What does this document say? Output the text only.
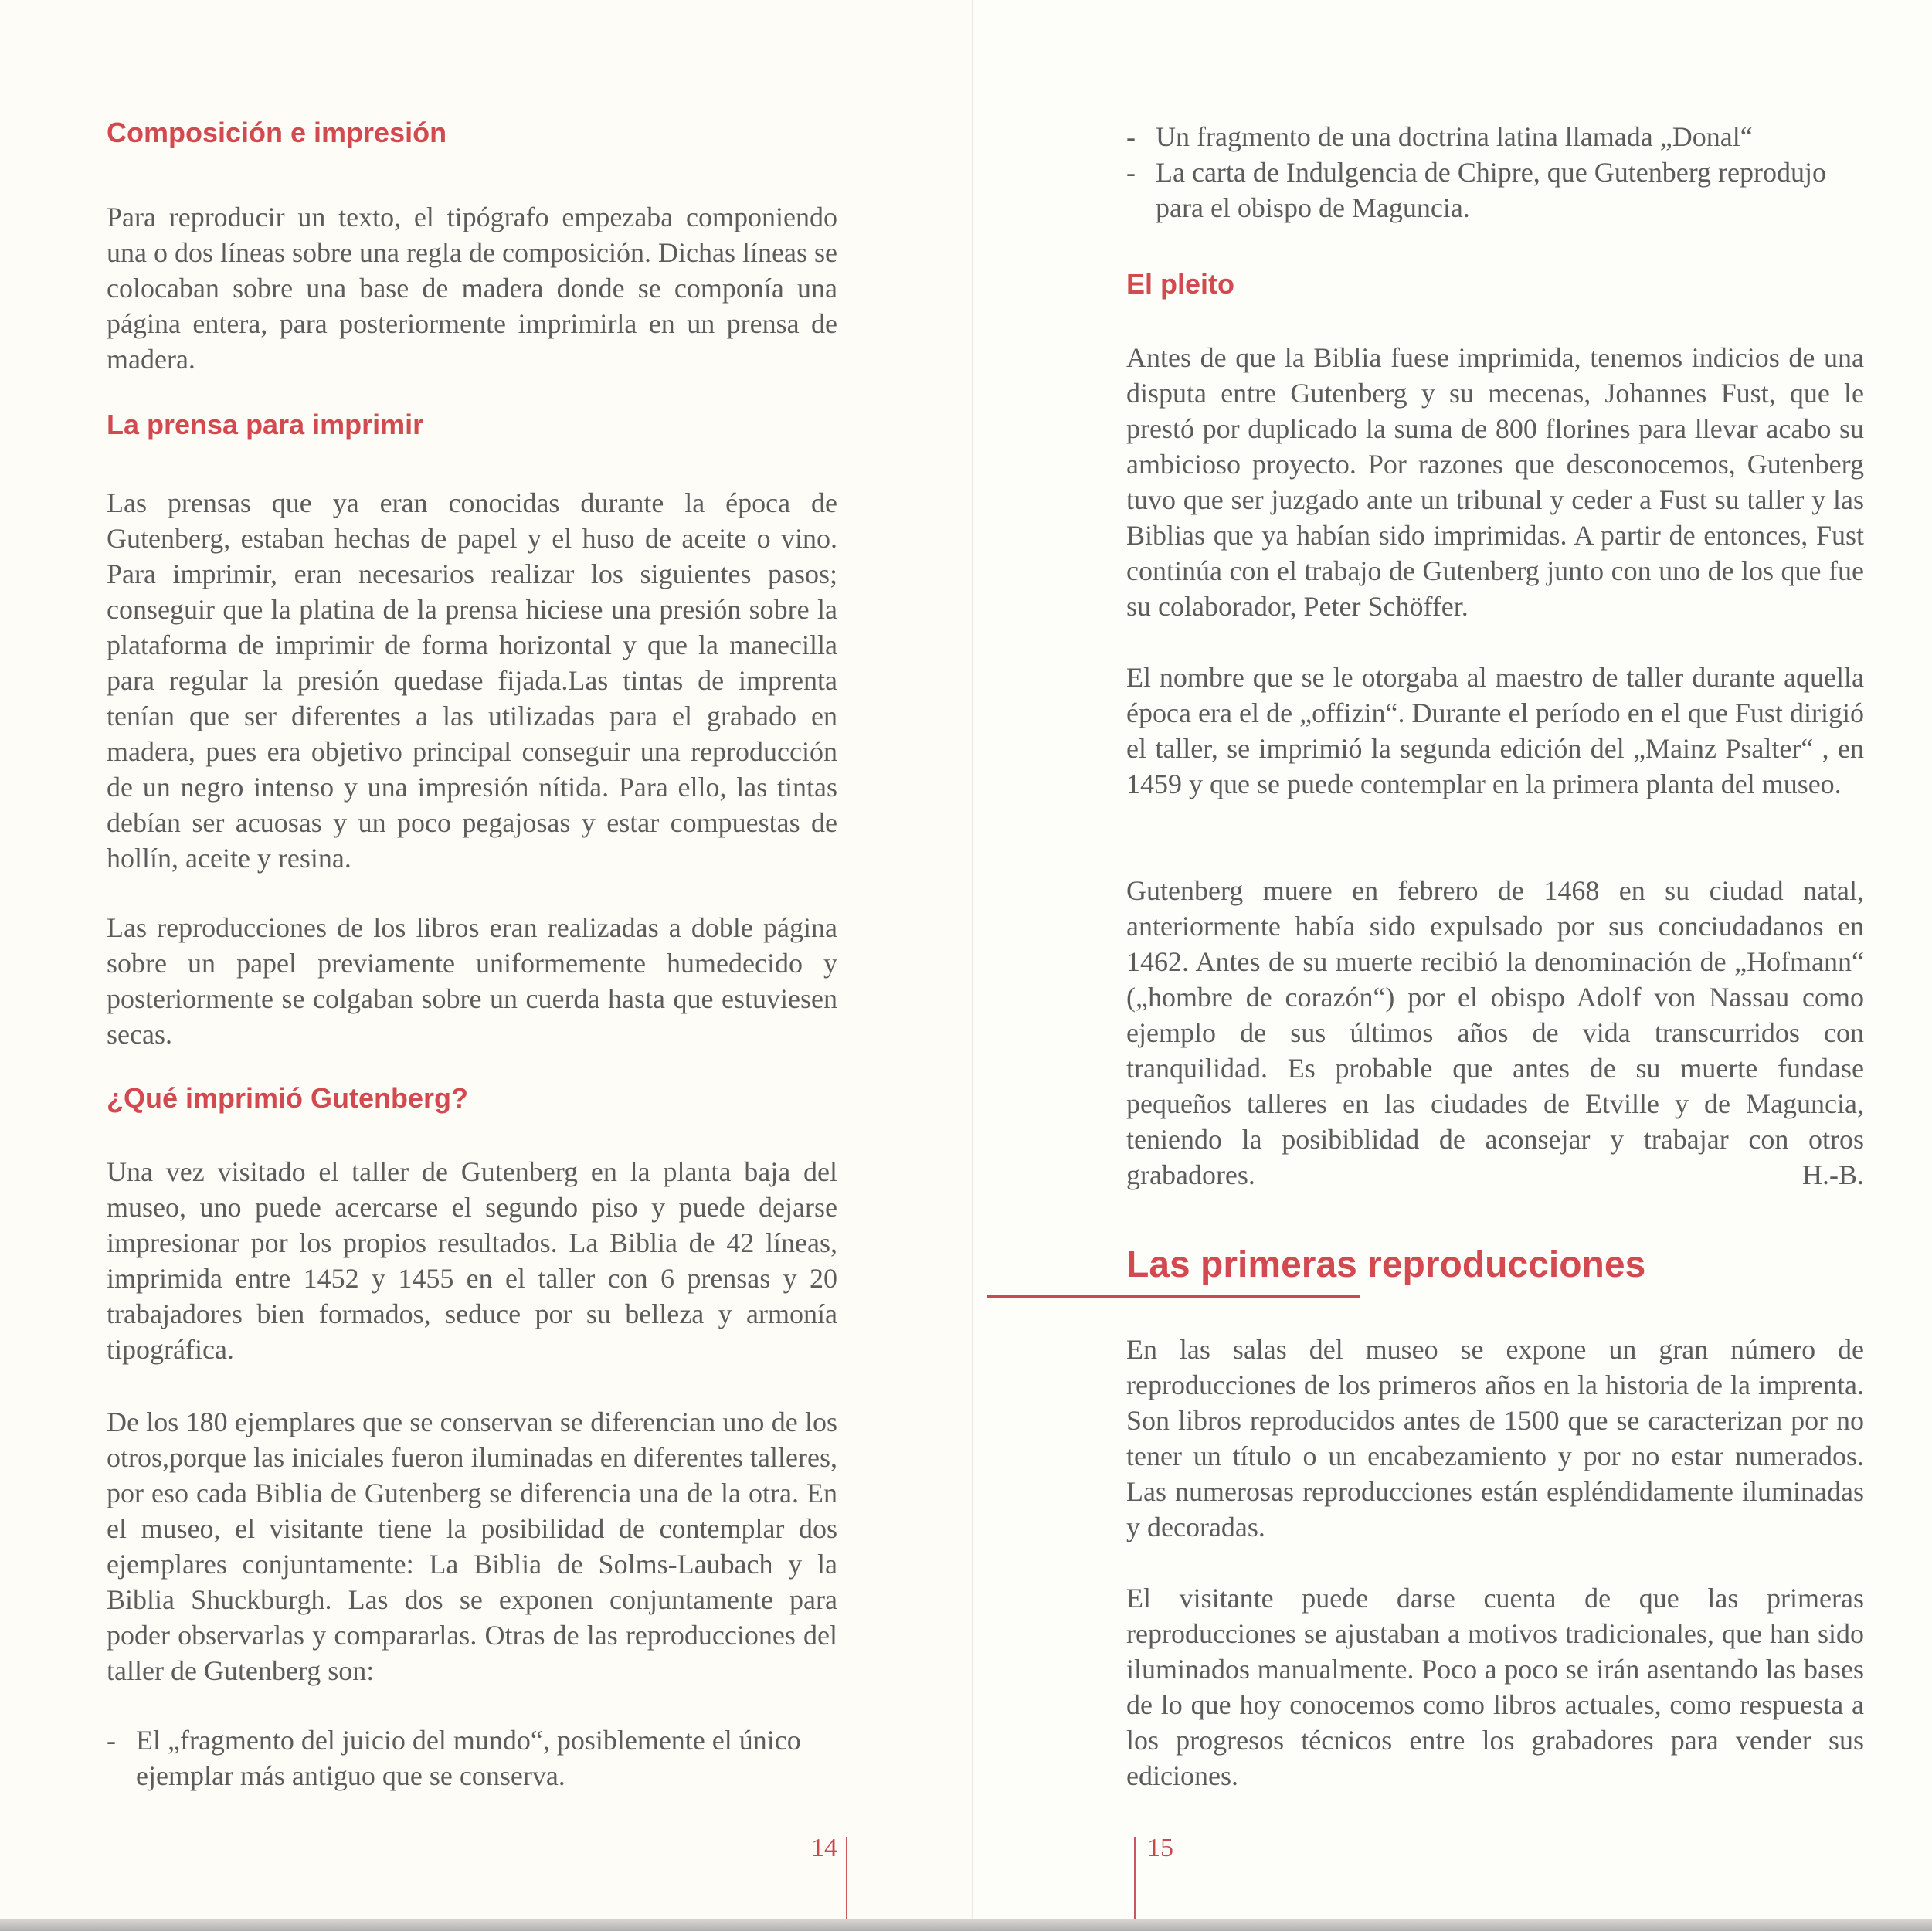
Composición e impresión

Para reproducir un texto, el tipógrafo empezaba componiendo una o dos líneas sobre una regla de composición. Dichas líneas se colocaban sobre una base de madera donde se componía una página entera, para posteriormente imprimirla en un prensa de madera.

La prensa para imprimir

Las prensas que ya eran conocidas durante la época de Gutenberg, estaban hechas de papel y el huso de aceite o vino. Para imprimir, eran necesarios realizar los siguientes pasos; conseguir que la platina de la prensa hiciese una presión sobre la plataforma de imprimir de forma horizontal y que la manecilla para regular la presión quedase fijada.Las tintas de imprenta tenían que ser diferentes a las utilizadas para el grabado en madera, pues era objetivo principal conseguir una reproducción de un negro intenso y una impresión nítida. Para ello, las tintas debían ser acuosas y un poco pegajosas y estar compuestas de hollín, aceite y resina.

Las reproducciones de los libros eran realizadas a doble página sobre un papel previamente uniformemente humedecido y posteriormente se colgaban sobre un cuerda hasta que estuviesen secas.

¿Qué imprimió Gutenberg?

Una vez visitado el taller de Gutenberg en la planta baja del museo, uno puede acercarse el segundo piso y puede dejarse impresionar por los propios resultados. La Biblia de 42 líneas, imprimida entre 1452 y 1455 en el taller con 6 prensas y 20 trabajadores bien formados, seduce por su belleza y armonía tipográfica.

De los 180 ejemplares que se conservan se diferencian uno de los otros,porque las iniciales fueron iluminadas en diferentes talleres, por eso cada Biblia de Gutenberg se diferencia una de la otra. En el museo, el visitante tiene la posibilidad de contemplar dos ejemplares conjuntamente: La Biblia de Solms-Laubach y la Biblia Shuckburgh. Las dos se exponen conjuntamente para poder observarlas y compararlas. Otras de las reproducciones del taller de Gutenberg son:

- El „fragmento del juicio del mundo“, posiblemente el único ejemplar más antiguo que se conserva.
14	15
- Un fragmento de una doctrina latina llamada „Donal“
- La carta de Indulgencia de Chipre, que Gutenberg reprodujo para el obispo de Maguncia.
El pleito

Antes de que la Biblia fuese imprimida, tenemos indicios de una disputa entre Gutenberg y su mecenas, Johannes Fust, que le prestó por duplicado la suma de 800 florines para llevar acabo su ambicioso proyecto. Por razones que desconocemos, Gutenberg tuvo que ser juzgado ante un tribunal y ceder a Fust su taller y las Biblias que ya habían sido imprimidas. A partir de entonces, Fust continúa con el trabajo de Gutenberg junto con uno de los que fue su colaborador, Peter Schöffer.

El nombre que se le otorgaba al maestro de taller durante aquella época era el de „offizin“. Durante el período en el que Fust dirigió el taller, se imprimió la segunda edición del „Mainz Psalter“ , en 1459 y que se puede contemplar en la primera planta del museo.

Gutenberg muere en febrero de 1468 en su ciudad natal, anteriormente había sido expulsado por sus conciudadanos en 1462. Antes de su muerte recibió la denominación de „Hofmann“ („hombre de corazón“) por el obispo Adolf von Nassau como ejemplo de sus últimos años de vida transcurridos con tranquilidad. Es probable que antes de su muerte fundase pequeños talleres en las ciudades de Etville y de Maguncia, teniendo la posibiblidad de aconsejar y trabajar con otros grabadores.	H.-B.
Las primeras reproducciones

En las salas del museo se expone un gran número de reproducciones de los primeros años en la historia de la imprenta. Son libros reproducidos antes de 1500 que se caracterizan por no tener un título o un encabezamiento y por no estar numerados. Las numerosas reproducciones están espléndidamente iluminadas y decoradas.

El visitante puede darse cuenta de que las primeras reproducciones se ajustaban a motivos tradicionales, que han sido iluminados manualmente. Poco a poco se irán asentando las bases de lo que hoy conocemos como libros actuales, como respuesta a los progresos técnicos entre los grabadores para vender sus ediciones.
